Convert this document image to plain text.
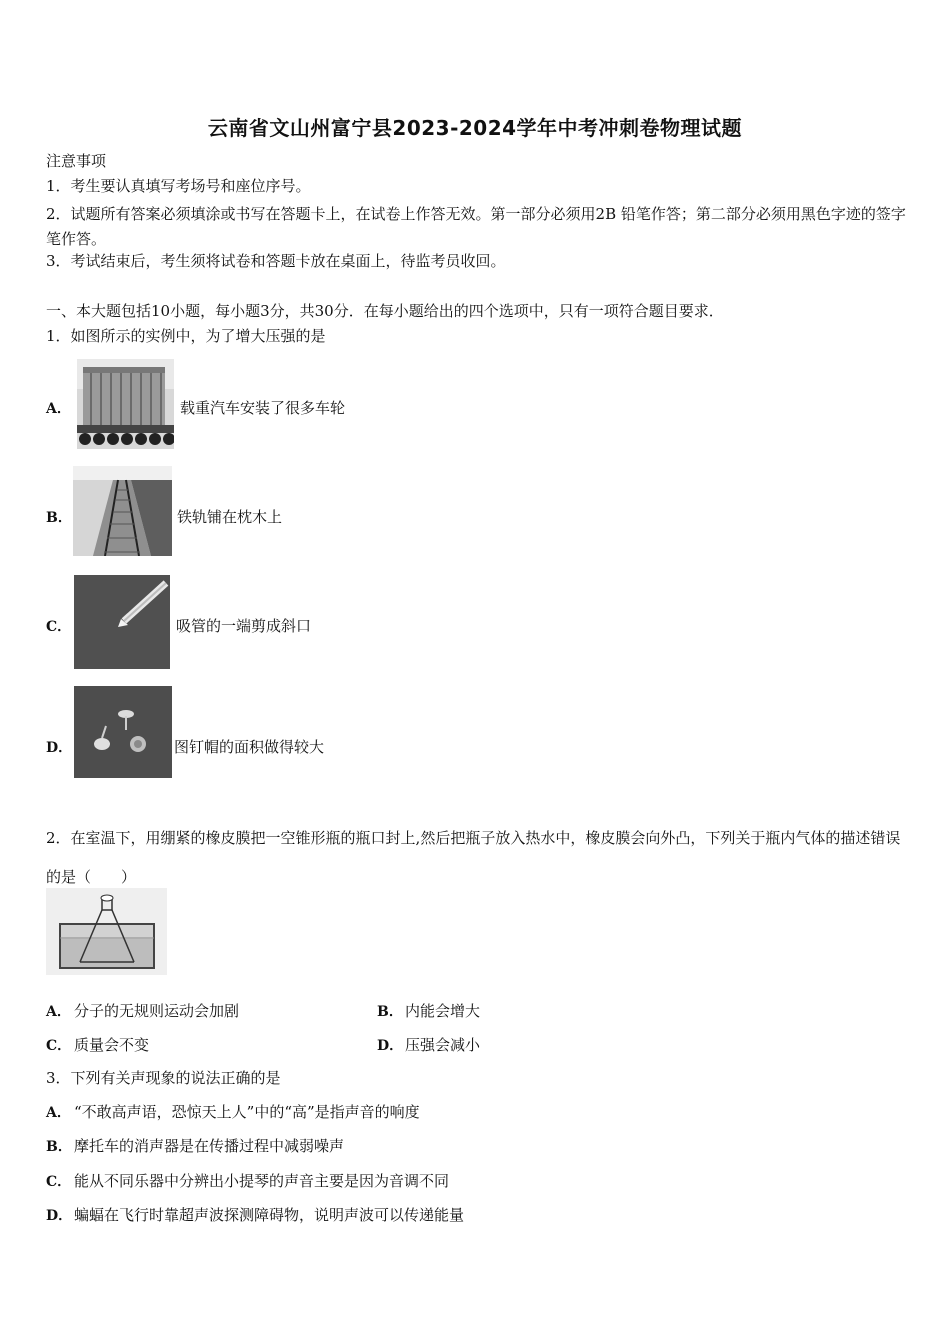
云南省文山州富宁县2023-2024学年中考冲刺卷物理试题
注意事项
1．考生要认真填写考场号和座位序号。
2．试题所有答案必须填涂或书写在答题卡上，在试卷上作答无效。第一部分必须用2B 铅笔作答；第二部分必须用黑色字迹的签字笔作答。
3．考试结束后，考生须将试卷和答题卡放在桌面上，待监考员收回。
一、本大题包括10小题，每小题3分，共30分．在每小题给出的四个选项中，只有一项符合题目要求．
1．如图所示的实例中，为了增大压强的是
A．	载重汽车安装了很多车轮
B．	铁轨铺在枕木上
C．	吸管的一端剪成斜口
D．	图钉帽的面积做得较大
2．在室温下，用绷紧的橡皮膜把一空锥形瓶的瓶口封上,然后把瓶子放入热水中，橡皮膜会向外凸，下列关于瓶内气体的描述错误的是（　　）
A． 分子的无规则运动会加剧	B． 内能会增大
C． 质量会不变	D． 压强会减小
3．下列有关声现象的说法正确的是
A． “不敢高声语，恐惊天上人”中的“高”是指声音的响度
B． 摩托车的消声器是在传播过程中减弱噪声
C． 能从不同乐器中分辨出小提琴的声音主要是因为音调不同
D． 蝙蝠在飞行时靠超声波探测障碍物，说明声波可以传递能量
